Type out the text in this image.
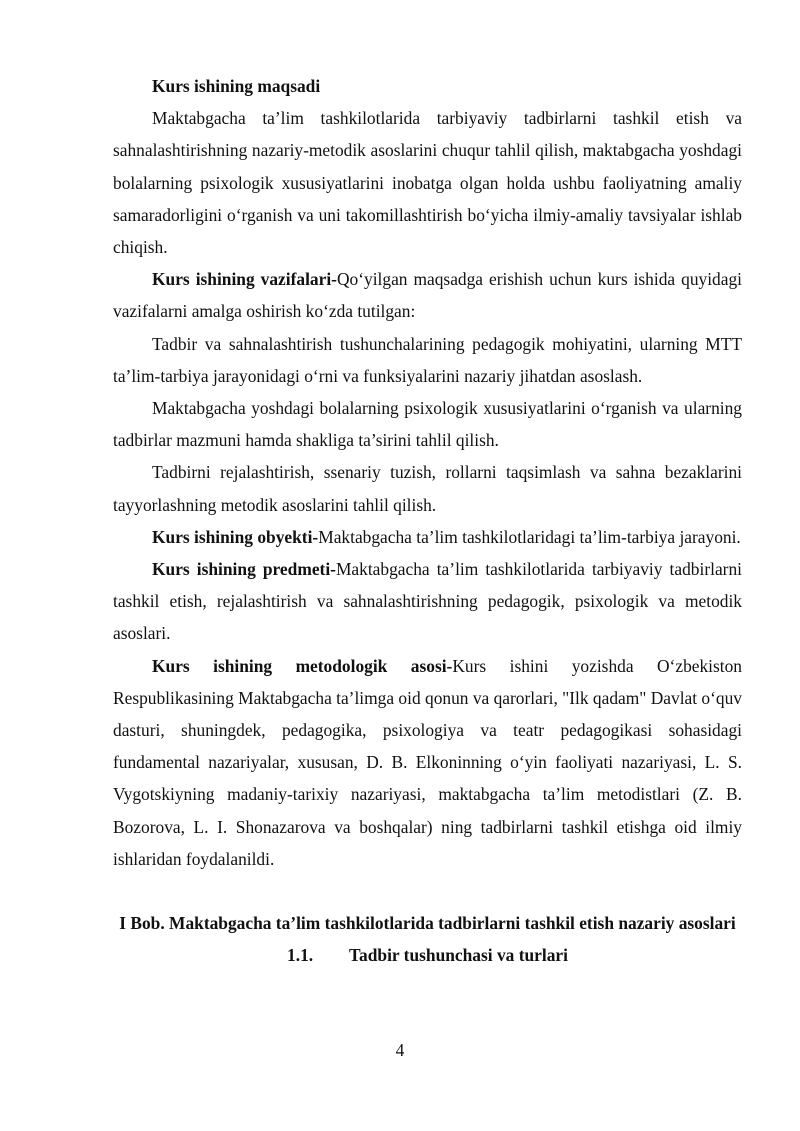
Kurs ishining maqsadi

Maktabgacha ta’lim tashkilotlarida tarbiyaviy tadbirlarni tashkil etish va sahnalashtirishning nazariy-metodik asoslarini chuqur tahlil qilish, maktabgacha yoshdagi bolalarning psixologik xususiyatlarini inobatga olgan holda ushbu faoliyatning amaliy samaradorligini o‘rganish va uni takomillashtirish bo‘yicha ilmiy-amaliy tavsiyalar ishlab chiqish.

Kurs ishining vazifalari-Qo‘yilgan maqsadga erishish uchun kurs ishida quyidagi vazifalarni amalga oshirish ko‘zda tutilgan:

Tadbir va sahnalashtirish tushunchalarining pedagogik mohiyatini, ularning MTT ta’lim-tarbiya jarayonidagi o‘rni va funksiyalarini nazariy jihatdan asoslash.

Maktabgacha yoshdagi bolalarning psixologik xususiyatlarini o‘rganish va ularning tadbirlar mazmuni hamda shakliga ta’sirini tahlil qilish.

Tadbirni rejalashtirish, ssenariy tuzish, rollarni taqsimlash va sahna bezaklarini tayyorlashning metodik asoslarini tahlil qilish.

Kurs ishining obyekti-Maktabgacha ta’lim tashkilotlaridagi ta’lim-tarbiya jarayoni.

Kurs ishining predmeti-Maktabgacha ta’lim tashkilotlarida tarbiyaviy tadbirlarni tashkil etish, rejalashtirish va sahnalashtirishning pedagogik, psixologik va metodik asoslari.

Kurs ishining metodologik asosi-Kurs ishini yozishda O‘zbekiston Respublikasining Maktabgacha ta’limga oid qonun va qarorlari, "Ilk qadam" Davlat o‘quv dasturi, shuningdek, pedagogika, psixologiya va teatr pedagogikasi sohasidagi fundamental nazariyalar, xususan, D. B. Elkoninning o‘yin faoliyati nazariyasi, L. S. Vygotskiyning madaniy-tarixiy nazariyasi, maktabgacha ta’lim metodistlari (Z. B. Bozorova, L. I. Shonazarova va boshqalar) ning tadbirlarni tashkil etishga oid ilmiy ishlaridan foydalanildi.

I Bob. Maktabgacha ta’lim tashkilotlarida tadbirlarni tashkil etish nazariy asoslari

1.1. Tadbir tushunchasi va turlari

4
